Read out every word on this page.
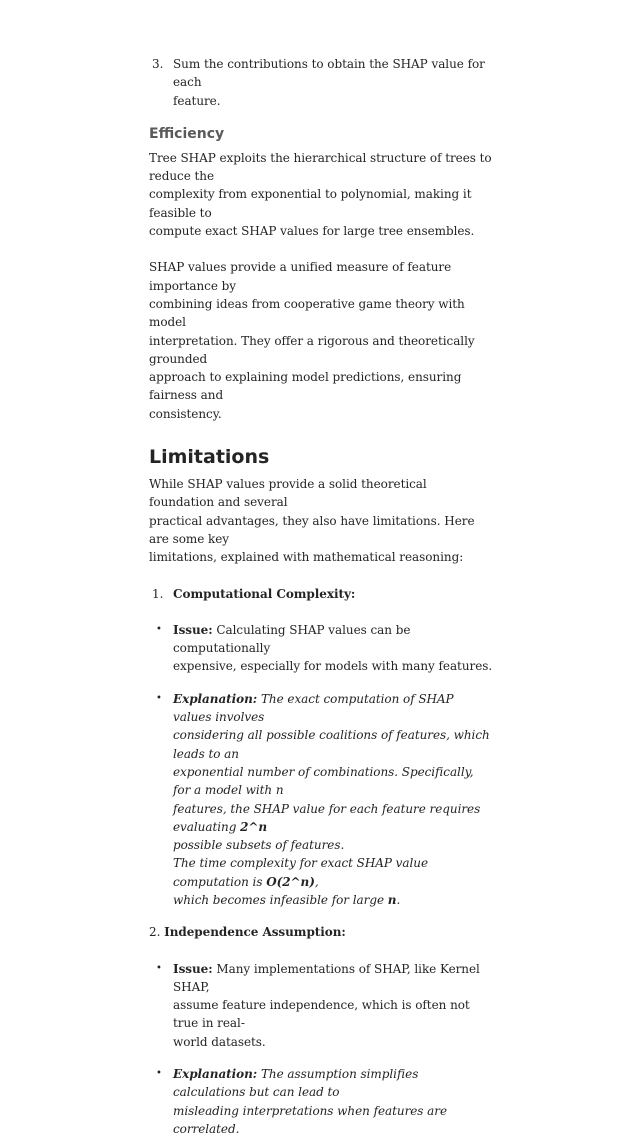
3. Sum the contributions to obtain the SHAP value for each
feature.
Efficiency
Tree SHAP exploits the hierarchical structure of trees to reduce the
complexity from exponential to polynomial, making it feasible to
compute exact SHAP values for large tree ensembles.
SHAP values provide a unified measure of feature importance by
combining ideas from cooperative game theory with model
interpretation. They offer a rigorous and theoretically grounded
approach to explaining model predictions, ensuring fairness and
consistency.
Limitations
While SHAP values provide a solid theoretical foundation and several
practical advantages, they also have limitations. Here are some key
limitations, explained with mathematical reasoning:
1. Computational Complexity:
• Issue: Calculating SHAP values can be computationally
expensive, especially for models with many features.
• Explanation: The exact computation of SHAP values involves
considering all possible coalitions of features, which leads to an
exponential number of combinations. Specifically, for a model with n
features, the SHAP value for each feature requires evaluating 2^n
possible subsets of features.
The time complexity for exact SHAP value computation is O(2^n),
which becomes infeasible for large n.
2. Independence Assumption:
• Issue: Many implementations of SHAP, like Kernel SHAP,
assume feature independence, which is often not true in real-
world datasets.
• Explanation: The assumption simplifies calculations but can lead to
misleading interpretations when features are correlated.
